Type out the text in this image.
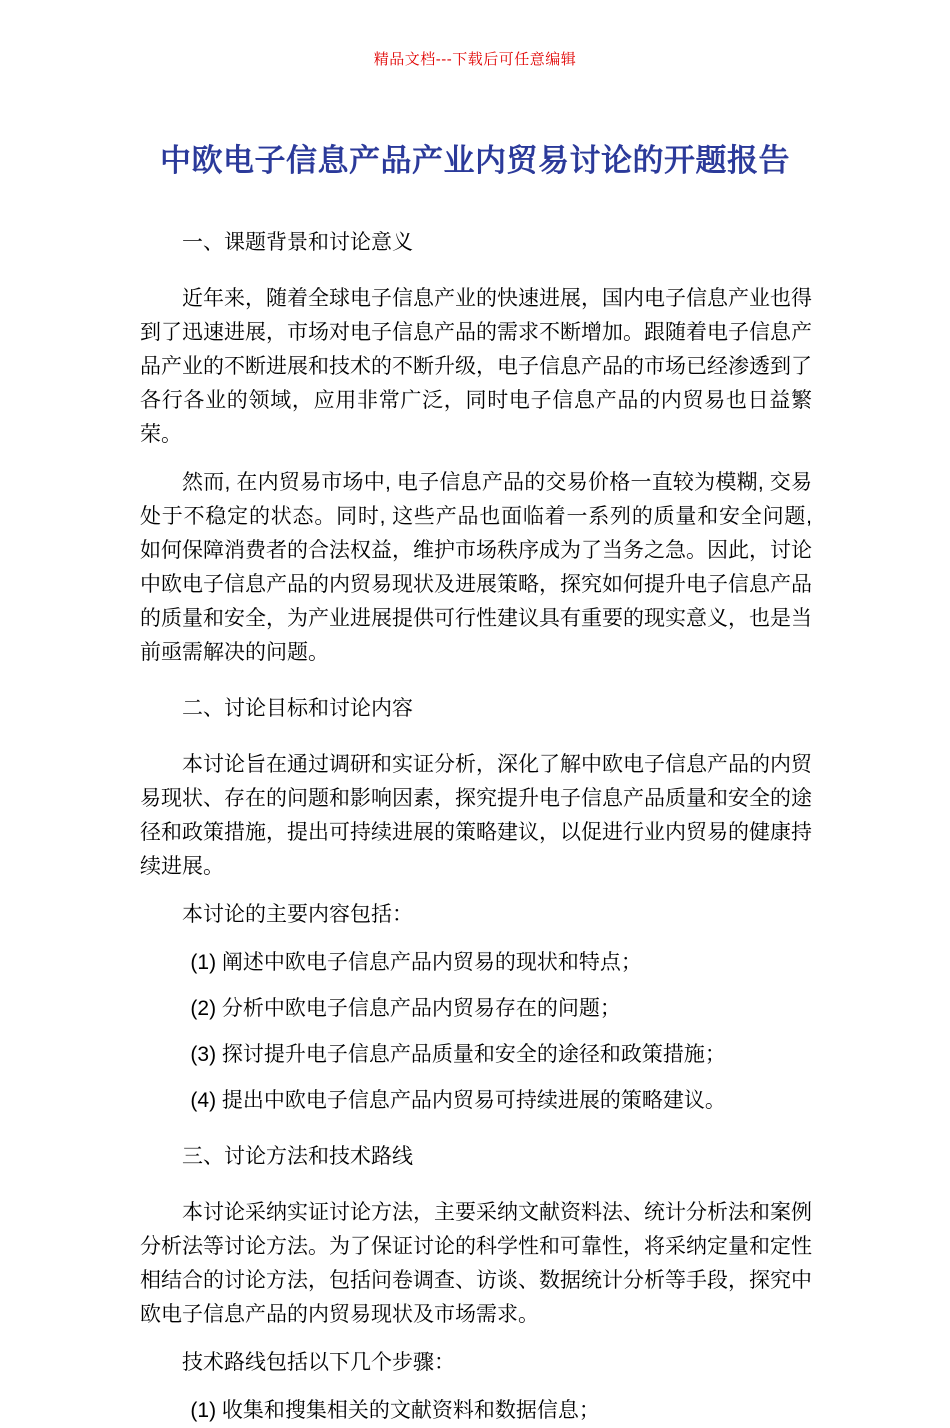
精品文档---下载后可任意编辑
中欧电子信息产品产业内贸易讨论的开题报告

一、课题背景和讨论意义

近年来，随着全球电子信息产业的快速进展，国内电子信息产业也得到了迅速进展，市场对电子信息产品的需求不断增加。跟随着电子信息产品产业的不断进展和技术的不断升级，电子信息产品的市场已经渗透到了各行各业的领域，应用非常广泛，同时电子信息产品的内贸易也日益繁荣。

然而, 在内贸易市场中, 电子信息产品的交易价格一直较为模糊, 交易处于不稳定的状态。同时, 这些产品也面临着一系列的质量和安全问题, 如何保障消费者的合法权益，维护市场秩序成为了当务之急。因此，讨论中欧电子信息产品的内贸易现状及进展策略，探究如何提升电子信息产品的质量和安全，为产业进展提供可行性建议具有重要的现实意义，也是当前亟需解决的问题。

二、讨论目标和讨论内容

本讨论旨在通过调研和实证分析，深化了解中欧电子信息产品的内贸易现状、存在的问题和影响因素，探究提升电子信息产品质量和安全的途径和政策措施，提出可持续进展的策略建议，以促进行业内贸易的健康持续进展。

本讨论的主要内容包括：

(1) 阐述中欧电子信息产品内贸易的现状和特点；

(2) 分析中欧电子信息产品内贸易存在的问题；

(3) 探讨提升电子信息产品质量和安全的途径和政策措施；

(4) 提出中欧电子信息产品内贸易可持续进展的策略建议。

三、讨论方法和技术路线

本讨论采纳实证讨论方法，主要采纳文献资料法、统计分析法和案例分析法等讨论方法。为了保证讨论的科学性和可靠性，将采纳定量和定性相结合的讨论方法，包括问卷调查、访谈、数据统计分析等手段，探究中欧电子信息产品的内贸易现状及市场需求。

技术路线包括以下几个步骤：

(1) 收集和搜集相关的文献资料和数据信息；
